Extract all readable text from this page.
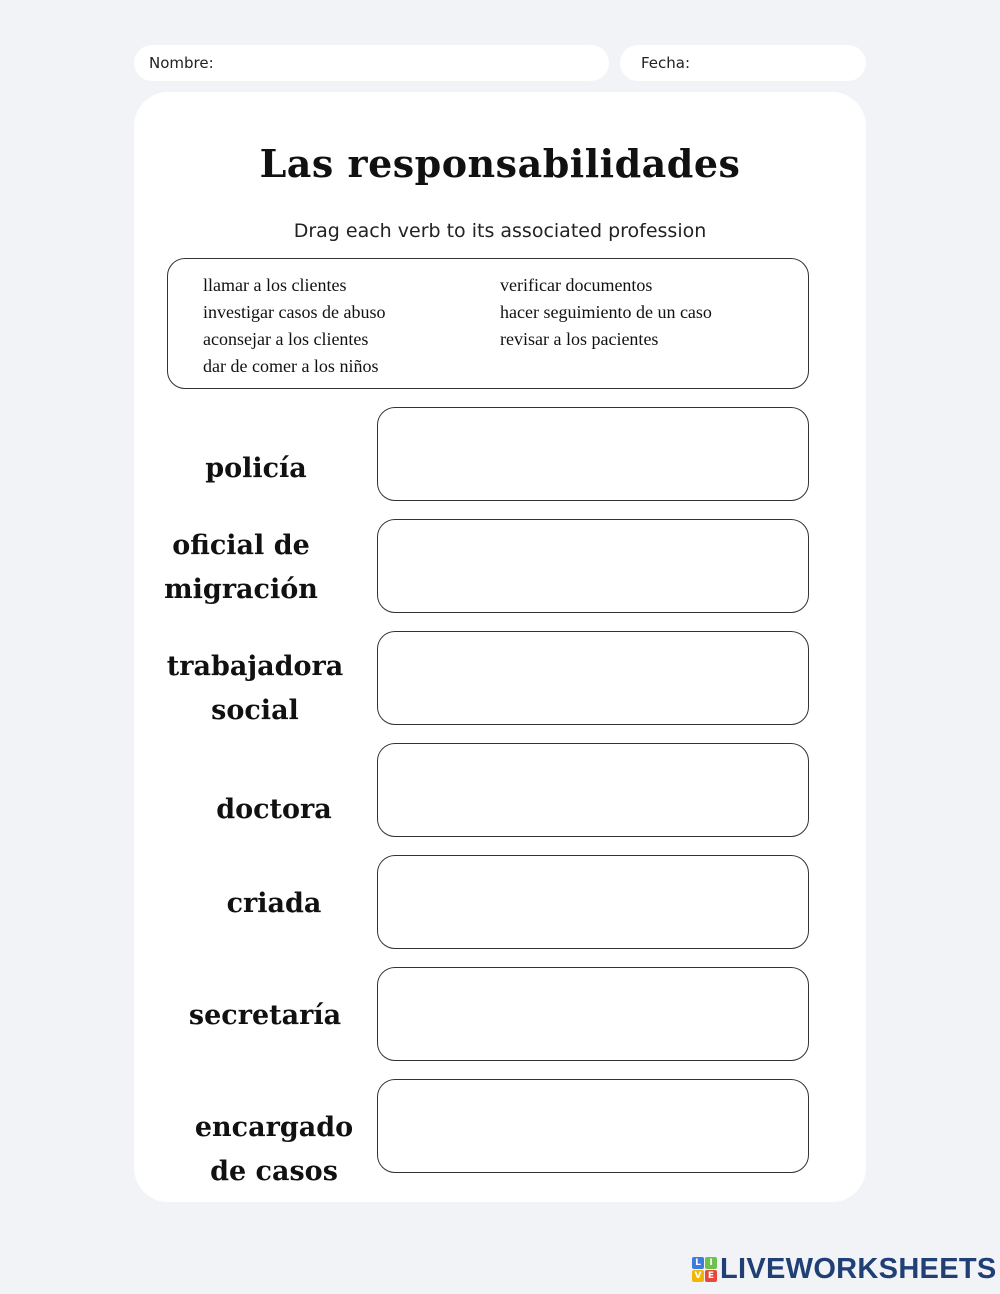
Nombre:	Fecha:
Las responsabilidades
Drag each verb to its associated profession
llamar a los clientes
investigar casos de abuso
aconsejar a los clientes
dar de comer a los niños
verificar documentos
hacer seguimiento de un caso
revisar a los pacientes
policía
oficial de
migración
trabajadora
social
doctora
criada
secretaría
encargado
de casos
L I
V E LIVEWORKSHEETS
